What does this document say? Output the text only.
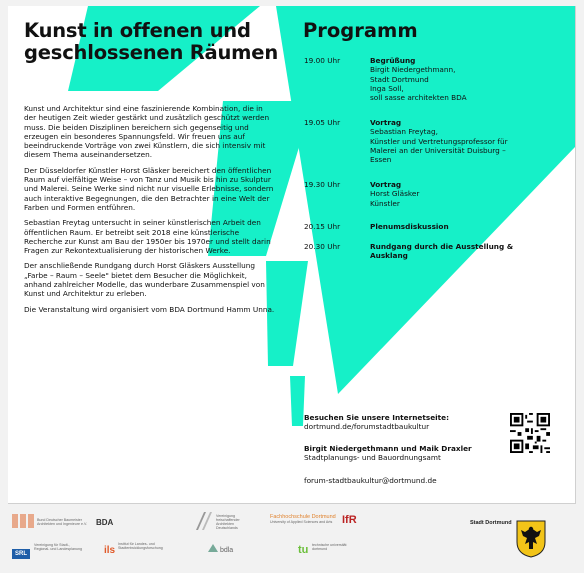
Kunst in offenen und geschlossenen Räumen
Programm

Kunst und Architektur sind eine faszinierende Kombination, die in der heutigen Zeit wieder gestärkt und zusätzlich geschützt werden muss. Die beiden Disziplinen bereichern sich gegenseitig und erzeugen ein besonderes Spannungsfeld. Wir freuen uns auf beeindruckende Vorträge von zwei Künstlern, die sich intensiv mit diesem Thema auseinandersetzen.

Der Düsseldorfer Künstler Horst Gläsker bereichert den öffentlichen Raum auf vielfältige Weise – von Tanz und Musik bis hin zu Skulptur und Malerei. Seine Werke sind nicht nur visuelle Erlebnisse, sondern auch interaktive Begegnungen, die den Betrachter in eine Welt der Farben und Formen entführen.

Sebastian Freytag untersucht in seiner künstlerischen Arbeit den öffentlichen Raum. Er betreibt seit 2018 eine künstlerische Recherche zur Kunst am Bau der 1950er bis 1970er und stellt darin Fragen zur Rekontextualisierung der historischen Werke.

Der anschließende Rundgang durch Horst Gläskers Ausstellung „Farbe – Raum – Seele" bietet dem Besucher die Möglichkeit, anhand zahlreicher Modelle, das wunderbare Zusammenspiel von Kunst und Architektur zu erleben.

Die Veranstaltung wird organisiert vom BDA Dortmund Hamm Unna.

19.00 Uhr	Begrüßung
Birgit Niedergethmann,
Stadt Dortmund
Inga Soll,
soll sasse architekten BDA
19.05 Uhr	Vortrag
Sebastian Freytag,
Künstler und Vertretungsprofessor für
Malerei an der Universität Duisburg –
Essen
19.30 Uhr	Vortrag
Horst Gläsker
Künstler
20.15 Uhr	Plenumsdiskussion
20.30 Uhr	Rundgang durch die Ausstellung &
Ausklang
Besuchen Sie unsere Internetseite:
dortmund.de/forumstadtbaukultur
Birgit Niedergethmann und Maik Draxler
Stadtplanungs- und Bauordnungsamt
forum-stadtbaukultur@dortmund.de
Bund Deutscher Baumeister Architekten und Ingenieure e.V.	BDA
Vereinigung freischaffender Architekten Deutschlands
Fachhochschule Dortmund
University of Applied Sciences and Arts IfR	Stadt Dortmund
SRL
Vereinigung für Stadt-, Regional- und Landesplanung ils
Institut für Landes- und Stadtentwicklungsforschung	bdla	tu technische universität dortmund
